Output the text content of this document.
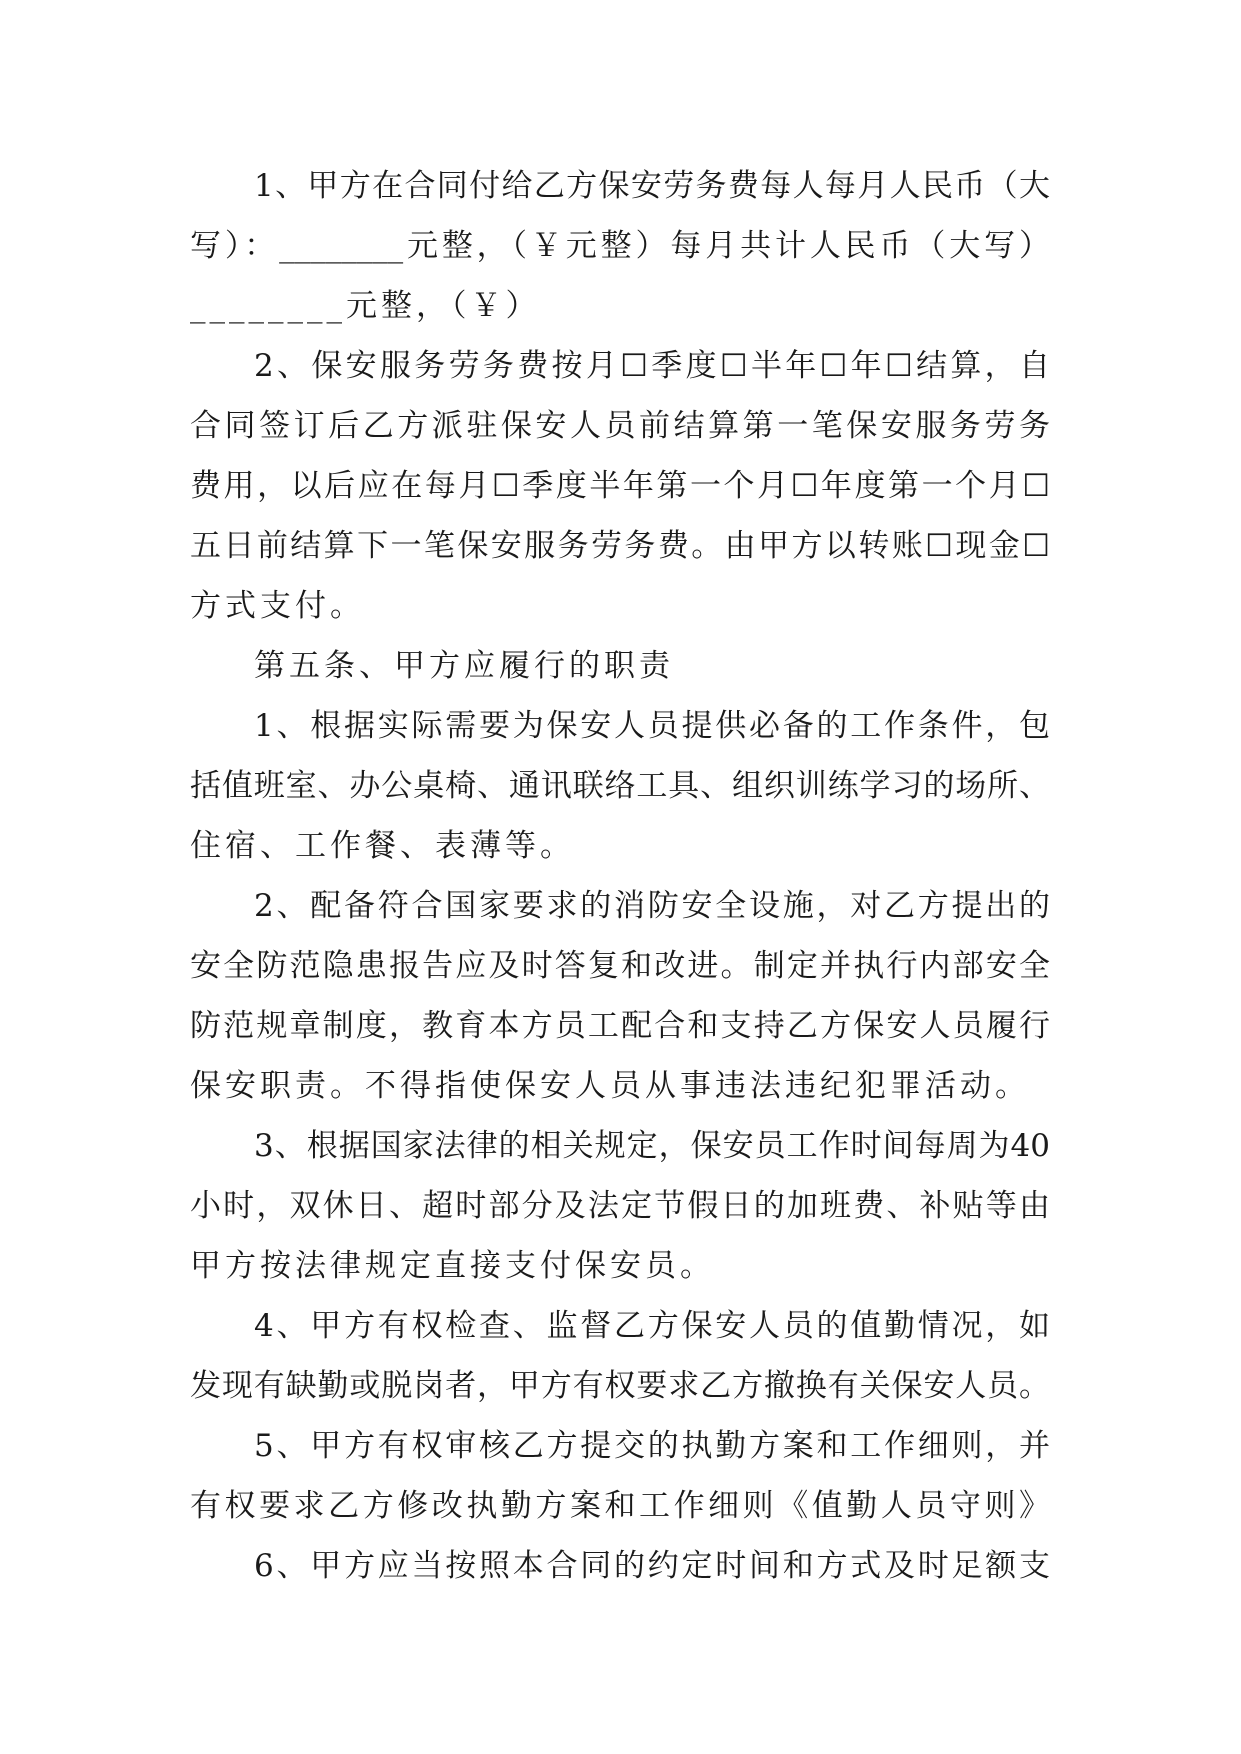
1、甲方在合同付给乙方保安劳务费每人每月人民币（大
写）：________元整，（￥元整）每月共计人民币（大写）
________元整，（￥）
2、保安服务劳务费按月☐季度☐半年☐年☐结算，自
合同签订后乙方派驻保安人员前结算第一笔保安服务劳务
费用，以后应在每月☐季度半年第一个月☐年度第一个月☐
五日前结算下一笔保安服务劳务费。由甲方以转账☐现金☐
方式支付。
第五条、甲方应履行的职责
1、根据实际需要为保安人员提供必备的工作条件，包
括值班室、办公桌椅、通讯联络工具、组织训练学习的场所、
住宿、工作餐、表薄等。
2、配备符合国家要求的消防安全设施，对乙方提出的
安全防范隐患报告应及时答复和改进。制定并执行内部安全
防范规章制度，教育本方员工配合和支持乙方保安人员履行
保安职责。不得指使保安人员从事违法违纪犯罪活动。
3、根据国家法律的相关规定，保安员工作时间每周为40
小时，双休日、超时部分及法定节假日的加班费、补贴等由
甲方按法律规定直接支付保安员。
4、甲方有权检查、监督乙方保安人员的值勤情况，如
发现有缺勤或脱岗者，甲方有权要求乙方撤换有关保安人员。
5、甲方有权审核乙方提交的执勤方案和工作细则，并
有权要求乙方修改执勤方案和工作细则《值勤人员守则》
6、甲方应当按照本合同的约定时间和方式及时足额支
